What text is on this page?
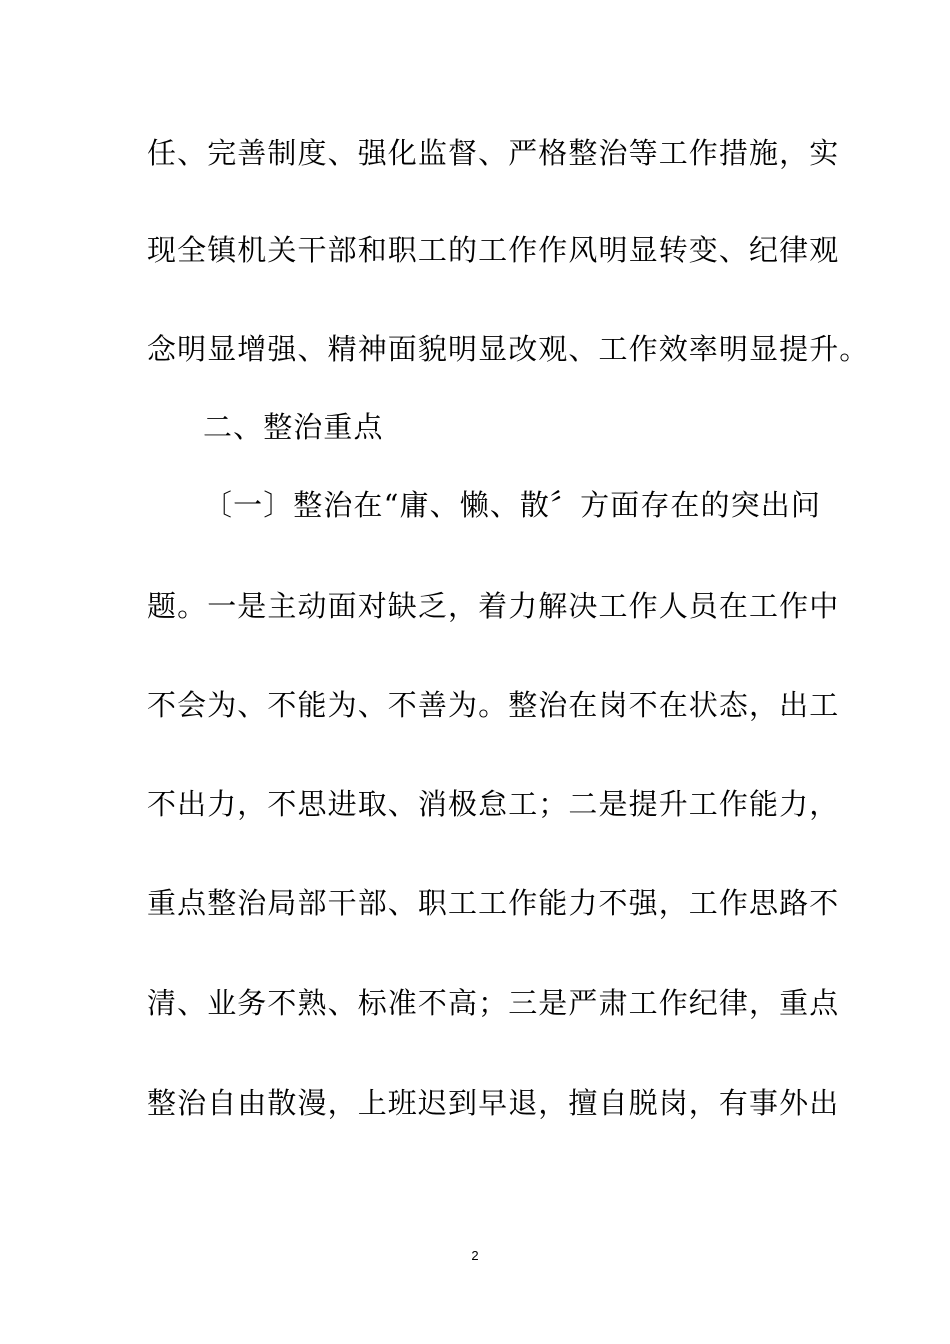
任、完善制度、强化监督、严格整治等工作措施，实
现全镇机关干部和职工的工作作风明显转变、纪律观
念明显增强、精神面貌明显改观、工作效率明显提升。
二、整治重点
〔一〕整治在“庸、懒、散〞方面存在的突出问
题。一是主动面对缺乏，着力解决工作人员在工作中
不会为、不能为、不善为。整治在岗不在状态，出工
不出力，不思进取、消极怠工；二是提升工作能力，
重点整治局部干部、职工工作能力不强，工作思路不
清、业务不熟、标准不高；三是严肃工作纪律，重点
整治自由散漫，上班迟到早退，擅自脱岗，有事外出
2
